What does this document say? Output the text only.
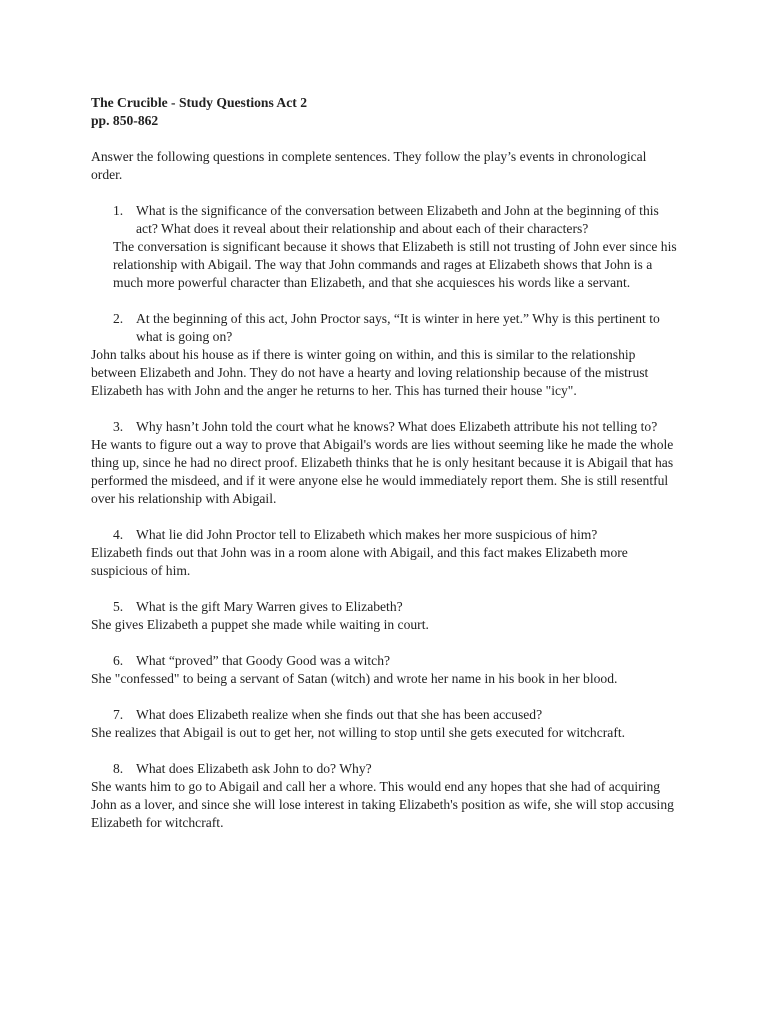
The Crucible - Study Questions Act 2

pp. 850-862

Answer the following questions in complete sentences. They follow the play’s events in chronological order.

1. What is the significance of the conversation between Elizabeth and John at the beginning of this act? What does it reveal about their relationship and about each of their characters?

The conversation is significant because it shows that Elizabeth is still not trusting of John ever since his relationship with Abigail. The way that John commands and rages at Elizabeth shows that John is a much more powerful character than Elizabeth, and that she acquiesces his words like a servant.

2. At the beginning of this act, John Proctor says, “It is winter in here yet.” Why is this pertinent to what is going on?

John talks about his house as if there is winter going on within, and this is similar to the relationship between Elizabeth and John. They do not have a hearty and loving relationship because of the mistrust Elizabeth has with John and the anger he returns to her. This has turned their house "icy".

3. Why hasn’t John told the court what he knows? What does Elizabeth attribute his not telling to?

He wants to figure out a way to prove that Abigail's words are lies without seeming like he made the whole thing up, since he had no direct proof. Elizabeth thinks that he is only hesitant because it is Abigail that has performed the misdeed, and if it were anyone else he would immediately report them. She is still resentful over his relationship with Abigail.

4. What lie did John Proctor tell to Elizabeth which makes her more suspicious of him?

Elizabeth finds out that John was in a room alone with Abigail, and this fact makes Elizabeth more suspicious of him.

5. What is the gift Mary Warren gives to Elizabeth?

She gives Elizabeth a puppet she made while waiting in court.

6. What “proved” that Goody Good was a witch?

She "confessed" to being a servant of Satan (witch) and wrote her name in his book in her blood.

7. What does Elizabeth realize when she finds out that she has been accused?

She realizes that Abigail is out to get her, not willing to stop until she gets executed for witchcraft.

8. What does Elizabeth ask John to do? Why?

She wants him to go to Abigail and call her a whore. This would end any hopes that she had of acquiring John as a lover, and since she will lose interest in taking Elizabeth's position as wife, she will stop accusing Elizabeth for witchcraft.
